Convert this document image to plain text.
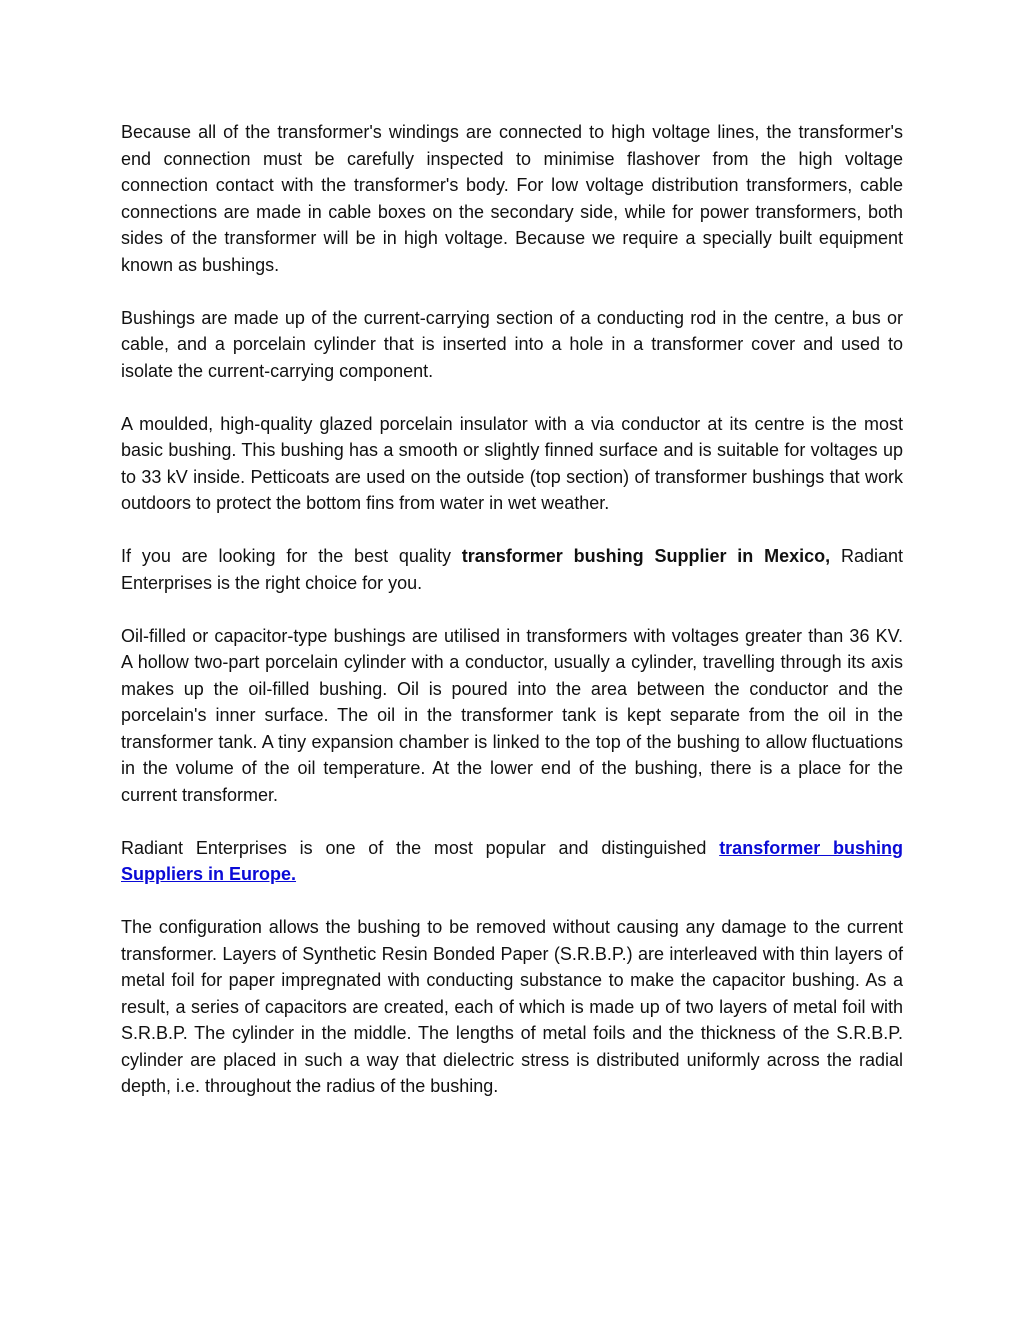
Because all of the transformer's windings are connected to high voltage lines, the transformer's end connection must be carefully inspected to minimise flashover from the high voltage connection contact with the transformer's body. For low voltage distribution transformers, cable connections are made in cable boxes on the secondary side, while for power transformers, both sides of the transformer will be in high voltage. Because we require a specially built equipment known as bushings.

Bushings are made up of the current-carrying section of a conducting rod in the centre, a bus or cable, and a porcelain cylinder that is inserted into a hole in a transformer cover and used to isolate the current-carrying component.

A moulded, high-quality glazed porcelain insulator with a via conductor at its centre is the most basic bushing. This bushing has a smooth or slightly finned surface and is suitable for voltages up to 33 kV inside. Petticoats are used on the outside (top section) of transformer bushings that work outdoors to protect the bottom fins from water in wet weather.

If you are looking for the best quality transformer bushing Supplier in Mexico, Radiant Enterprises is the right choice for you.

Oil-filled or capacitor-type bushings are utilised in transformers with voltages greater than 36 KV. A hollow two-part porcelain cylinder with a conductor, usually a cylinder, travelling through its axis makes up the oil-filled bushing. Oil is poured into the area between the conductor and the porcelain's inner surface. The oil in the transformer tank is kept separate from the oil in the transformer tank. A tiny expansion chamber is linked to the top of the bushing to allow fluctuations in the volume of the oil temperature. At the lower end of the bushing, there is a place for the current transformer.

Radiant Enterprises is one of the most popular and distinguished transformer bushing Suppliers in Europe.

The configuration allows the bushing to be removed without causing any damage to the current transformer. Layers of Synthetic Resin Bonded Paper (S.R.B.P.) are interleaved with thin layers of metal foil for paper impregnated with conducting substance to make the capacitor bushing. As a result, a series of capacitors are created, each of which is made up of two layers of metal foil with S.R.B.P. The cylinder in the middle. The lengths of metal foils and the thickness of the S.R.B.P. cylinder are placed in such a way that dielectric stress is distributed uniformly across the radial depth, i.e. throughout the radius of the bushing.
